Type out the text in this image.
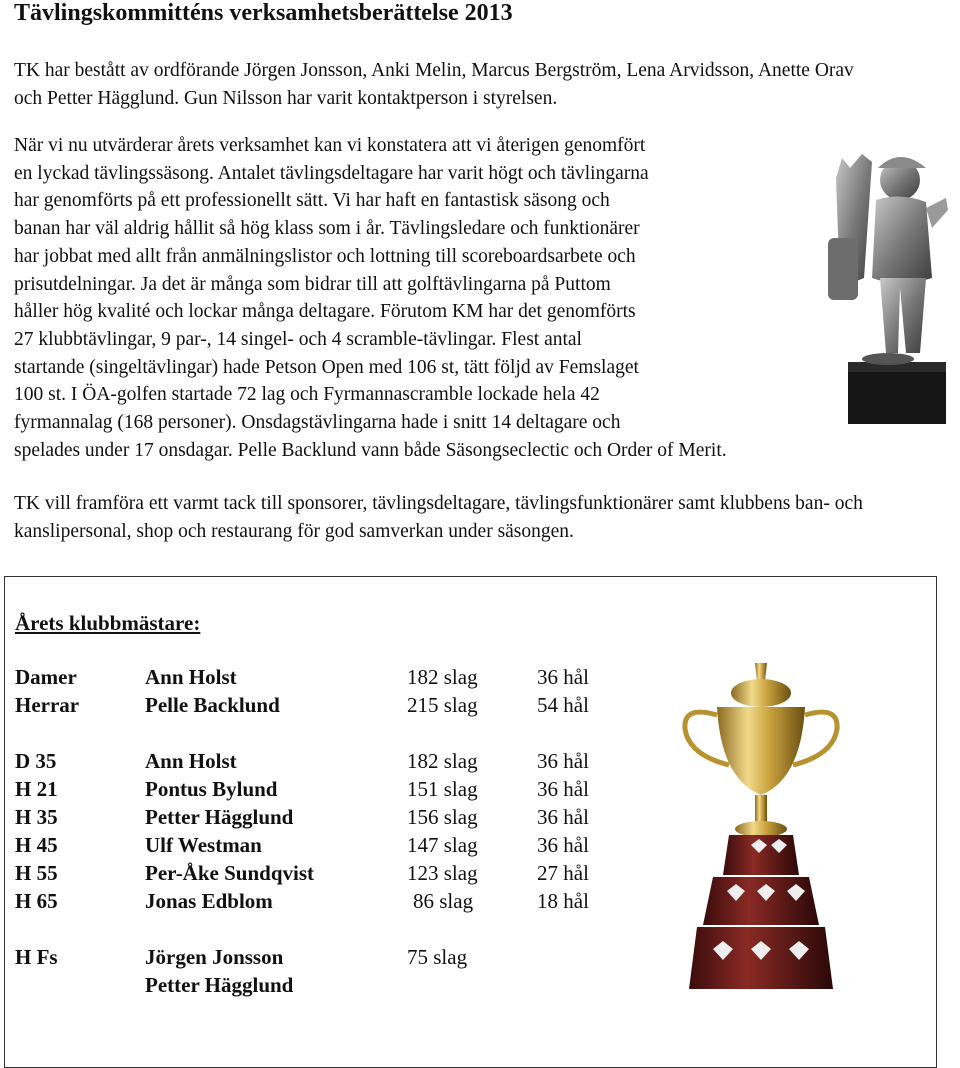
Tävlingskommitténs verksamhetsberättelse 2013

TK har bestått av ordförande Jörgen Jonsson, Anki Melin, Marcus Bergström, Lena Arvidsson, Anette Orav och Petter Hägglund. Gun Nilsson har varit kontaktperson i styrelsen.

När vi nu utvärderar årets verksamhet kan vi konstatera att vi återigen genomfört
en lyckad tävlingssäsong. Antalet tävlingsdeltagare har varit högt och tävlingarna
har genomförts på ett professionellt sätt. Vi har haft en fantastisk säsong och
banan har väl aldrig hållit så hög klass som i år. Tävlingsledare och funktionärer
har jobbat med allt från anmälningslistor och lottning till scoreboardsarbete och
prisutdelningar. Ja det är många som bidrar till att golftävlingarna på Puttom
håller hög kvalité och lockar många deltagare. Förutom KM har det genomförts
27 klubbtävlingar, 9 par-, 14 singel- och 4 scramble-tävlingar. Flest antal
startande (singeltävlingar) hade Petson Open med 106 st, tätt följd av Femslaget
100 st. I ÖA-golfen startade 72 lag och Fyrmannascramble lockade hela 42
fyrmannalag (168 personer). Onsdagstävlingarna hade i snitt 14 deltagare och
spelades under 17 onsdagar. Pelle Backlund vann både Säsongseclectic och Order of Merit.

Årets klubbmästare:
Damer	Ann Holst	182 slag	36 hål
Herrar	Pelle Backlund	215 slag	54 hål
D 35	Ann Holst	182 slag	36 hål
H 21	Pontus Bylund	151 slag	36 hål
H 35	Petter Hägglund	156 slag	36 hål
H 45	Ulf Westman	147 slag	36 hål
H 55	Per-Åke Sundqvist	123 slag	27 hål
H 65	Jonas Edblom	86 slag	18 hål
H Fs	Jörgen Jonsson	75 slag
Petter Hägglund

TK vill framföra ett varmt tack till sponsorer, tävlingsdeltagare, tävlingsfunktionärer samt klubbens ban- och kanslipersonal, shop och restaurang för god samverkan under säsongen.
